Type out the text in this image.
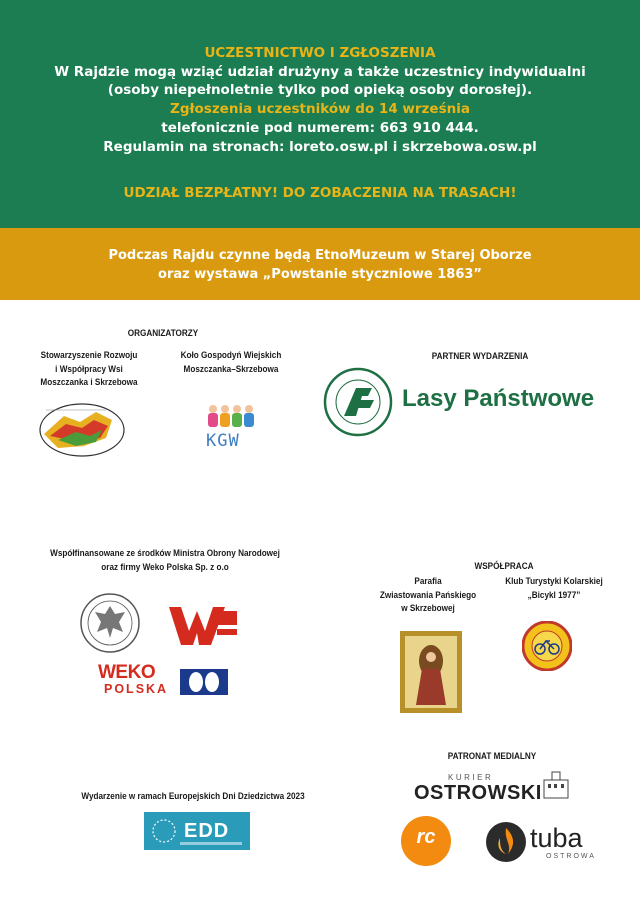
UCZESTNICTWO I ZGŁOSZENIA
W Rajdzie mogą wziąć udział drużyny a także uczestnicy indywidualni
(osoby niepełnoletnie tylko pod opieką osoby dorosłej).
Zgłoszenia uczestników do 14 września
telefonicznie pod numerem: 663 910 444.
Regulamin na stronach: loreto.osw.pl i skrzebowa.osw.pl
UDZIAŁ BEZPŁATNY! DO ZOBACZENIA NA TRASACH!
Podczas Rajdu czynne będą EtnoMuzeum w Starej Oborze
oraz wystawa „Powstanie styczniowe 1863”
ORGANIZATORZY
Stowarzyszenie Rozwoju
i Współpracy Wsi
Moszczanka i Skrzebowa
Koło Gospodyń Wiejskich
Moszczanka–Skrzebowa
KGW
PARTNER WYDARZENIA
Lasy Państwowe
Współfinansowane ze środków Ministra Obrony Narodowej
oraz firmy Weko Polska Sp. z o.o
WEKO
POLSKA
WSPÓŁPRACA
Parafia
Zwiastowania Pańskiego
w Skrzebowej
Klub Turystyki Kolarskiej
„Bicykl 1977”
Wydarzenie w ramach Europejskich Dni Dziedzictwa 2023
EDD
PATRONAT MEDIALNY
KURIER
OSTROWSKI
rc	tuba
OSTROWA
